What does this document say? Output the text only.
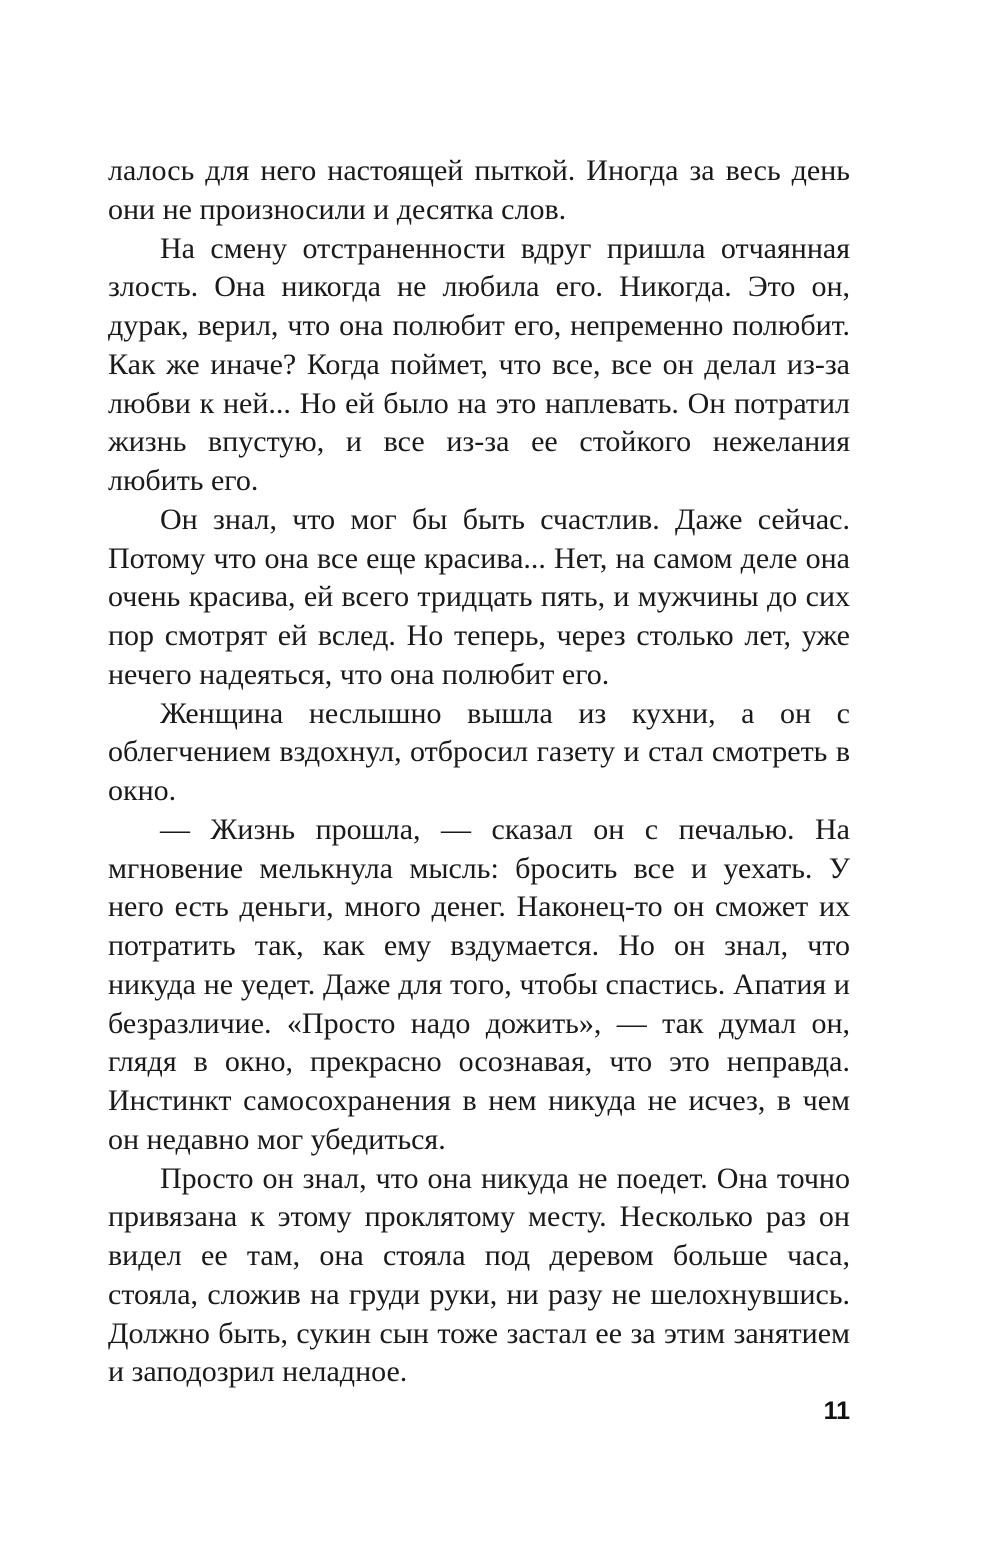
лалось для него настоящей пыткой. Иногда за весь день они не произносили и десятка слов.

На смену отстраненности вдруг пришла отчаянная злость. Она никогда не любила его. Никогда. Это он, дурак, верил, что она полюбит его, непременно полюбит. Как же иначе? Когда поймет, что все, все он делал из-за любви к ней... Но ей было на это наплевать. Он потратил жизнь впустую, и все из-за ее стойкого нежелания любить его.

Он знал, что мог бы быть счастлив. Даже сейчас. Потому что она все еще красива... Нет, на самом деле она очень красива, ей всего тридцать пять, и мужчины до сих пор смотрят ей вслед. Но теперь, через столько лет, уже нечего надеяться, что она полюбит его.

Женщина неслышно вышла из кухни, а он с облегчением вздохнул, отбросил газету и стал смотреть в окно.

— Жизнь прошла, — сказал он с печалью. На мгновение мелькнула мысль: бросить все и уехать. У него есть деньги, много денег. Наконец-то он сможет их потратить так, как ему вздумается. Но он знал, что никуда не уедет. Даже для того, чтобы спастись. Апатия и безразличие. «Просто надо дожить», — так думал он, глядя в окно, прекрасно осознавая, что это неправда. Инстинкт самосохранения в нем никуда не исчез, в чем он недавно мог убедиться.

Просто он знал, что она никуда не поедет. Она точно привязана к этому проклятому месту. Несколько раз он видел ее там, она стояла под деревом больше часа, стояла, сложив на груди руки, ни разу не шелохнувшись. Должно быть, сукин сын тоже застал ее за этим занятием и заподозрил неладное.

11
